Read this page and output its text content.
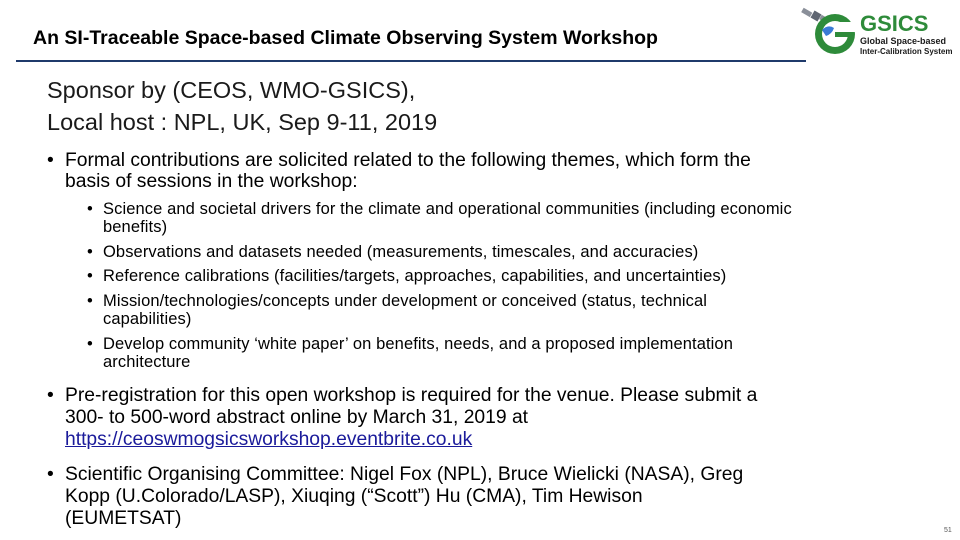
An SI-Traceable Space-based Climate Observing System Workshop
GSICS
Global Space-based
Inter-Calibration System
Sponsor by (CEOS, WMO-GSICS),
Local host : NPL, UK, Sep 9-11, 2019
• Formal contributions are solicited related to the following themes, which form the
basis of sessions in the workshop:
• Science and societal drivers for the climate and operational communities (including economic
benefits)
• Observations and datasets needed (measurements, timescales, and accuracies)
• Reference calibrations (facilities/targets, approaches, capabilities, and uncertainties)
• Mission/technologies/concepts under development or conceived (status, technical
capabilities)
• Develop community ‘white paper’ on benefits, needs, and a proposed implementation
architecture
• Pre-registration for this open workshop is required for the venue. Please submit a
300- to 500-word abstract online by March 31, 2019 at
https://ceoswmogsicsworkshop.eventbrite.co.uk
• Scientific Organising Committee: Nigel Fox (NPL), Bruce Wielicki (NASA), Greg
Kopp (U.Colorado/LASP), Xiuqing (“Scott”) Hu (CMA), Tim Hewison
(EUMETSAT)
51
